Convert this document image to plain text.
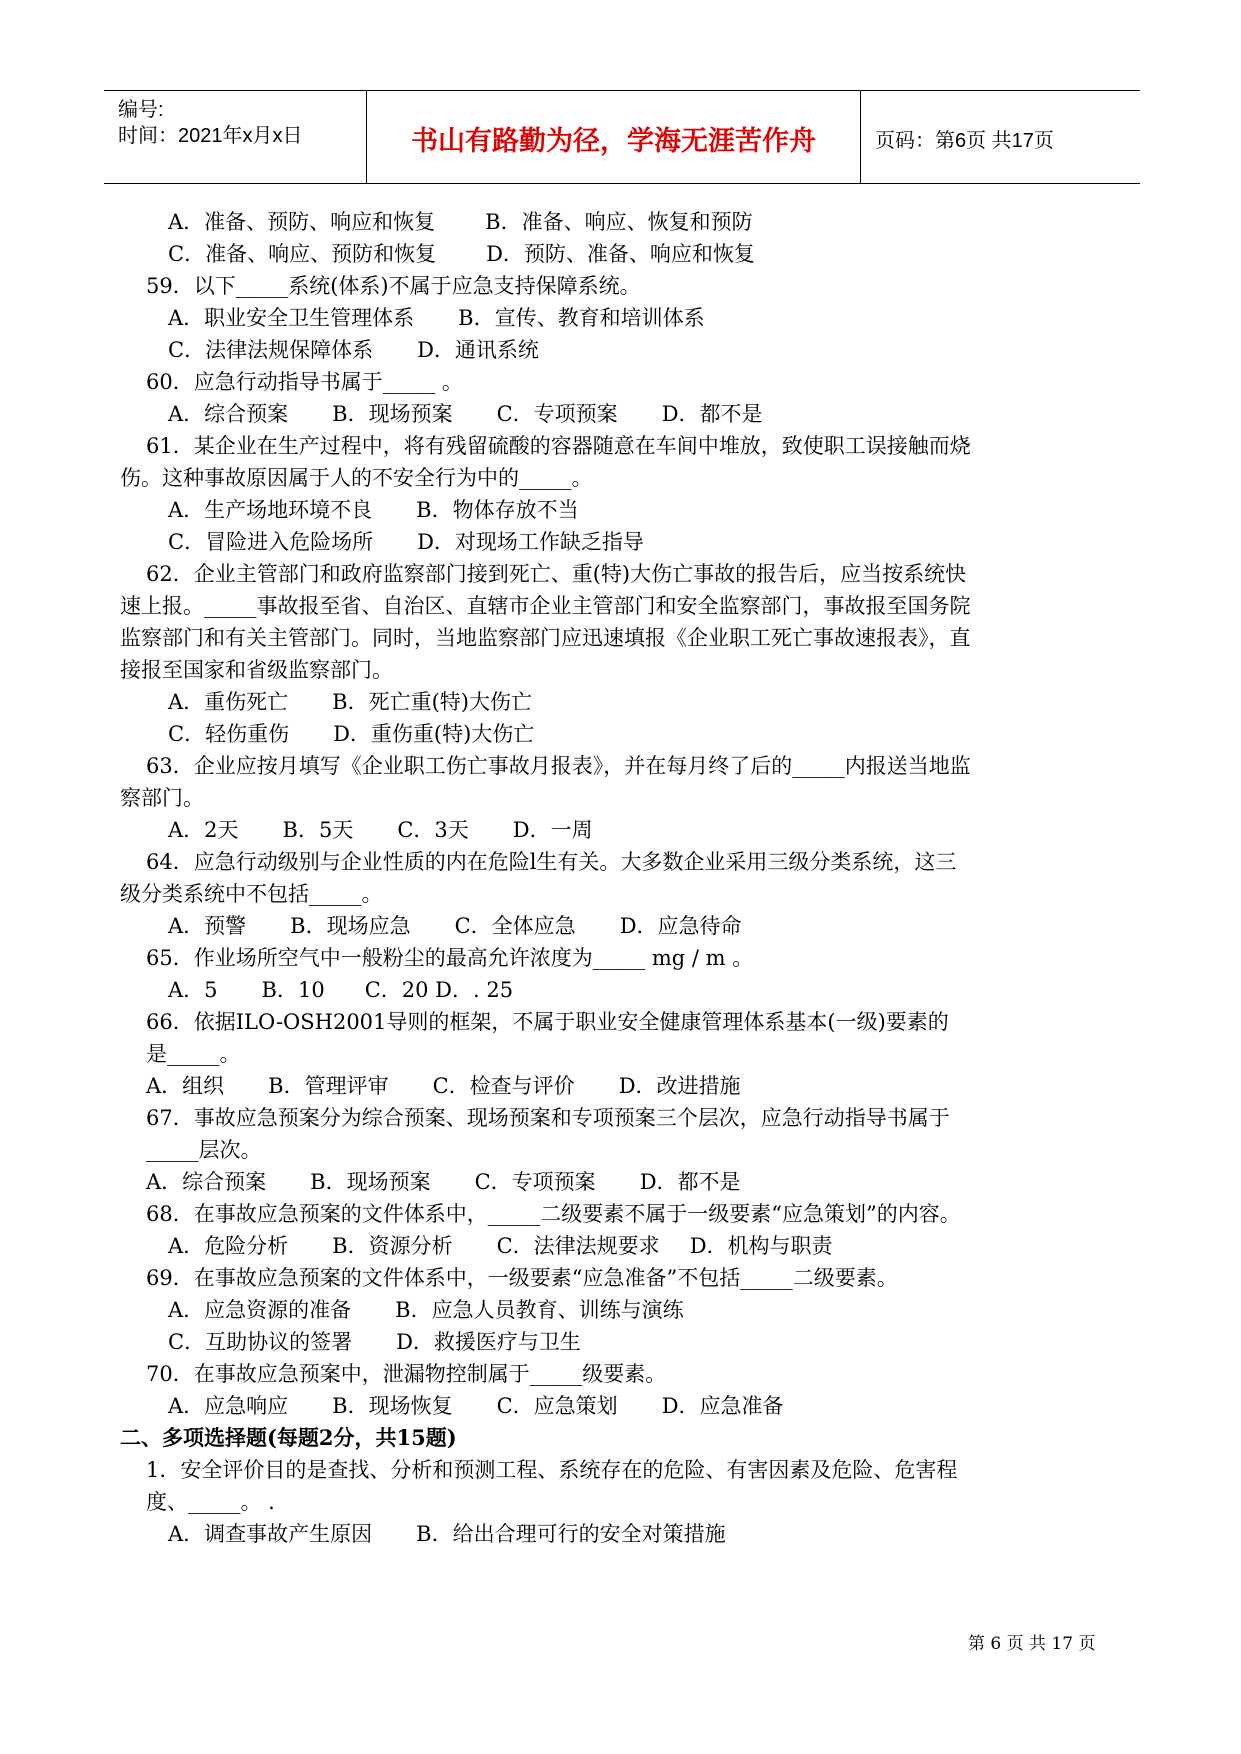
编号:
时间：2021年x月x日	书山有路勤为径，学海无涯苦作舟	页码：第6页 共17页
A．准备、预防、响应和恢复 B．准备、响应、恢复和预防
C．准备、响应、预防和恢复 D．预防、准备、响应和恢复
59．以下_____系统(体系)不属于应急支持保障系统。
A．职业安全卫生管理体系 B．宣传、教育和培训体系
C．法律法规保障体系 D．通讯系统
60．应急行动指导书属于_____ 。
A．综合预案 B．现场预案 C．专项预案 D．都不是
61．某企业在生产过程中，将有残留硫酸的容器随意在车间中堆放，致使职工误接触而烧
伤。这种事故原因属于人的不安全行为中的_____。
A．生产场地环境不良 B．物体存放不当
C．冒险进入危险场所 D．对现场工作缺乏指导
62．企业主管部门和政府监察部门接到死亡、重(特)大伤亡事故的报告后，应当按系统快
速上报。_____事故报至省、自治区、直辖市企业主管部门和安全监察部门，事故报至国务院
监察部门和有关主管部门。同时，当地监察部门应迅速填报《企业职工死亡事故速报表》，直
接报至国家和省级监察部门。
A．重伤死亡 B．死亡重(特)大伤亡
C．轻伤重伤 D．重伤重(特)大伤亡
63．企业应按月填写《企业职工伤亡事故月报表》，并在每月终了后的_____内报送当地监
察部门。
A．2天 B．5天 C．3天 D．一周
64．应急行动级别与企业性质的内在危险l生有关。大多数企业采用三级分类系统，这三
级分类系统中不包括_____。
A．预警 B．现场应急 C．全体应急 D．应急待命
65．作业场所空气中一般粉尘的最高允许浓度为_____ mg / m 。
A．5 B．10 C．20 D．. 25
66．依据ILO-OSH2001导则的框架，不属于职业安全健康管理体系基本(一级)要素的
是_____。
A．组织 B．管理评审 C．检查与评价 D．改进措施
67．事故应急预案分为综合预案、现场预案和专项预案三个层次，应急行动指导书属于
_____层次。
A．综合预案 B．现场预案 C．专项预案 D．都不是
68．在事故应急预案的文件体系中，_____二级要素不属于一级要素“应急策划”的内容。
A．危险分析 B．资源分析 C．法律法规要求 D．机构与职责
69．在事故应急预案的文件体系中，一级要素“应急准备”不包括_____二级要素。
A．应急资源的准备 B．应急人员教育、训练与演练
C．互助协议的签署 D．救援医疗与卫生
70．在事故应急预案中，泄漏物控制属于_____级要素。
A．应急响应 B．现场恢复 C．应急策划 D．应急准备
二、多项选择题(每题2分，共15题)
1．安全评价目的是查找、分析和预测工程、系统存在的危险、有害因素及危险、危害程
度、_____。 .
A．调查事故产生原因 B．给出合理可行的安全对策措施
第 6 页 共 17 页
